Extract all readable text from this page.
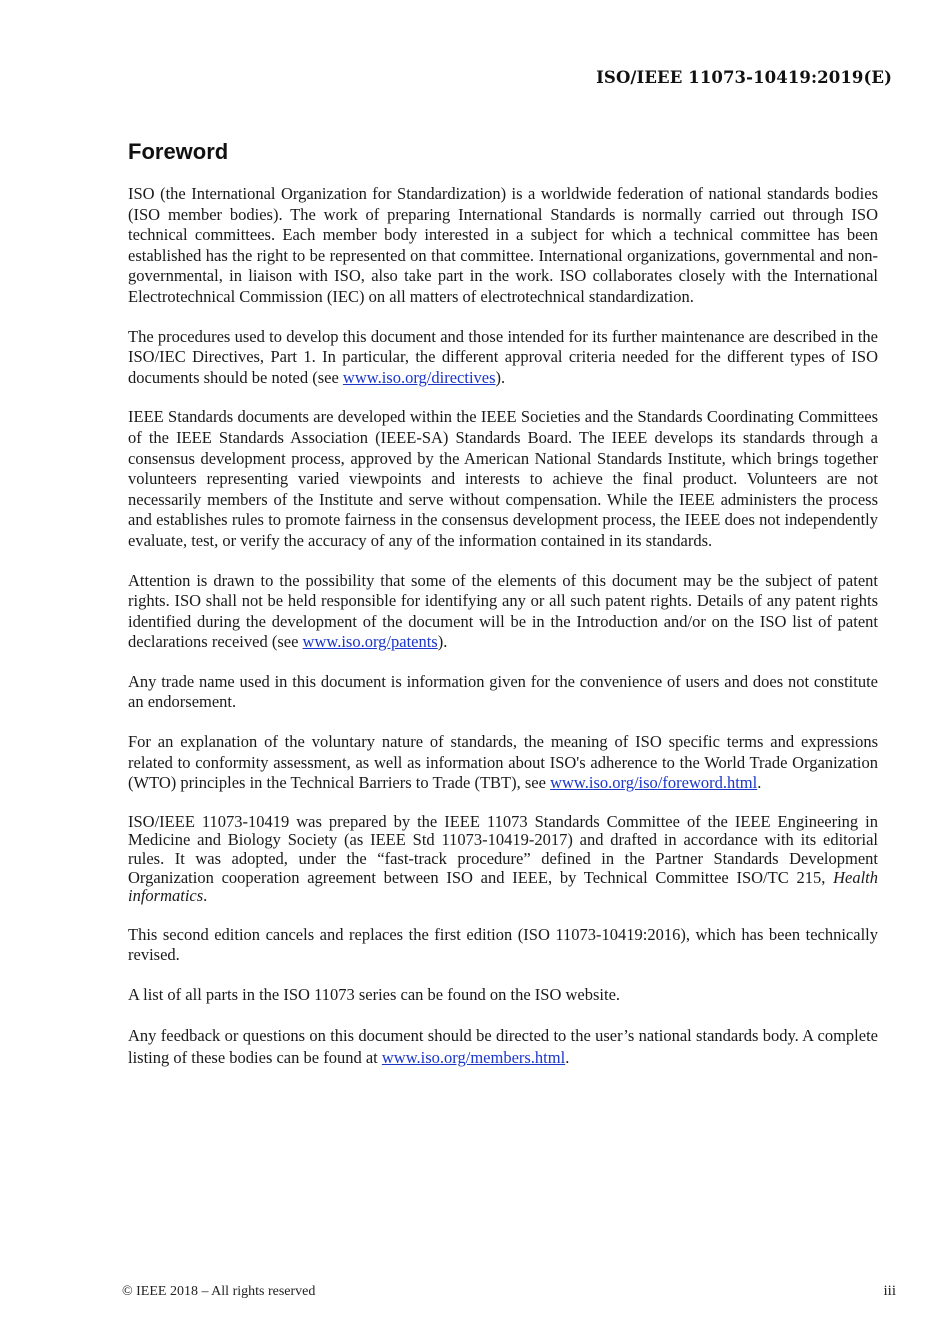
ISO/IEEE 11073-10419:2019(E)
Foreword

ISO (the International Organization for Standardization) is a worldwide federation of national standards bodies (ISO member bodies). The work of preparing International Standards is normally carried out through ISO technical committees. Each member body interested in a subject for which a technical committee has been established has the right to be represented on that committee. International organizations, governmental and non-governmental, in liaison with ISO, also take part in the work. ISO collaborates closely with the International Electrotechnical Commission (IEC) on all matters of electrotechnical standardization.

The procedures used to develop this document and those intended for its further maintenance are described in the ISO/IEC Directives, Part 1. In particular, the different approval criteria needed for the different types of ISO documents should be noted (see www.iso.org/directives).

IEEE Standards documents are developed within the IEEE Societies and the Standards Coordinating Committees of the IEEE Standards Association (IEEE-SA) Standards Board. The IEEE develops its standards through a consensus development process, approved by the American National Standards Institute, which brings together volunteers representing varied viewpoints and interests to achieve the final product. Volunteers are not necessarily members of the Institute and serve without compensation. While the IEEE administers the process and establishes rules to promote fairness in the consensus development process, the IEEE does not independently evaluate, test, or verify the accuracy of any of the information contained in its standards.

Attention is drawn to the possibility that some of the elements of this document may be the subject of patent rights. ISO shall not be held responsible for identifying any or all such patent rights. Details of any patent rights identified during the development of the document will be in the Introduction and/or on the ISO list of patent declarations received (see www.iso.org/patents).

Any trade name used in this document is information given for the convenience of users and does not constitute an endorsement.

For an explanation of the voluntary nature of standards, the meaning of ISO specific terms and expressions related to conformity assessment, as well as information about ISO's adherence to the World Trade Organization (WTO) principles in the Technical Barriers to Trade (TBT), see www.iso.org/iso/foreword.html.

ISO/IEEE 11073-10419 was prepared by the IEEE 11073 Standards Committee of the IEEE Engineering in Medicine and Biology Society (as IEEE Std 11073-10419-2017) and drafted in accordance with its editorial rules. It was adopted, under the “fast-track procedure” defined in the Partner Standards Development Organization cooperation agreement between ISO and IEEE, by Technical Committee ISO/TC 215, Health informatics.

This second edition cancels and replaces the first edition (ISO 11073-10419:2016), which has been technically revised.

A list of all parts in the ISO 11073 series can be found on the ISO website.

Any feedback or questions on this document should be directed to the user’s national standards body. A complete listing of these bodies can be found at www.iso.org/members.html.

© IEEE 2018 – All rights reserved	iii
